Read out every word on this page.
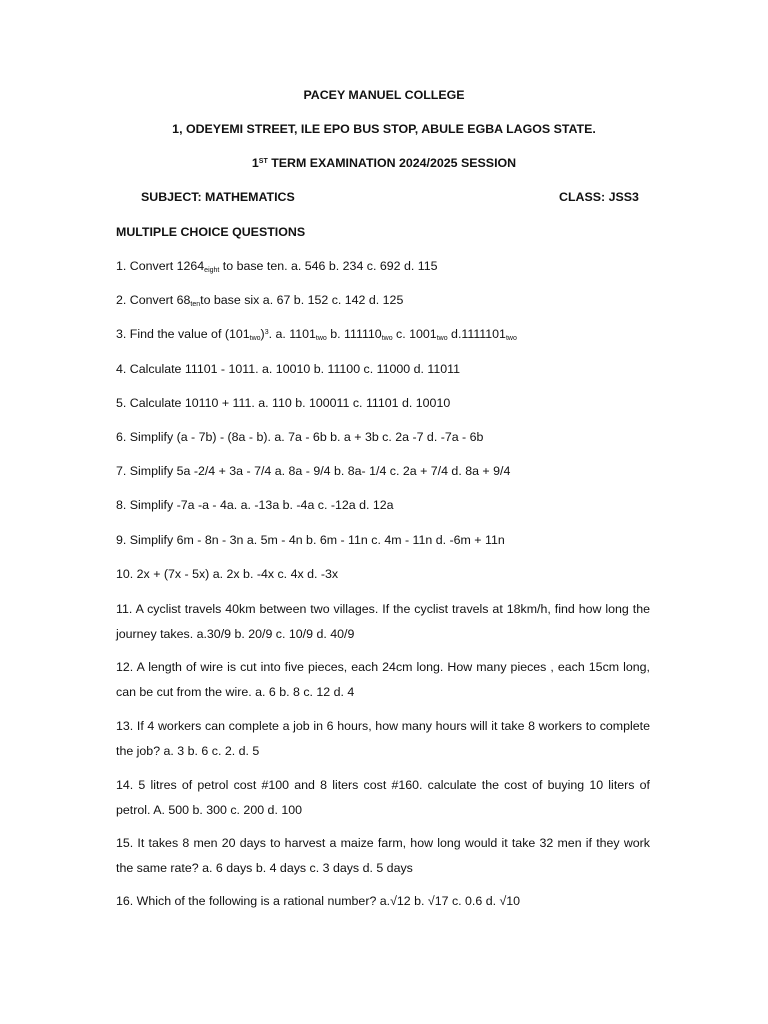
PACEY MANUEL COLLEGE
1, ODEYEMI STREET, ILE EPO BUS STOP, ABULE EGBA LAGOS STATE.
1ST TERM EXAMINATION 2024/2025 SESSION
SUBJECT: MATHEMATICS	CLASS: JSS3
MULTIPLE CHOICE QUESTIONS
1. Convert $1264_{eight}$ to base ten. a. 546 b. 234 c. 692 d. 115
2. Convert $68_{ten}to$ base six a. 67 b. 152 c. 142 d. 125
3. Find the value of $(101_{two})^3$. a. $1101_{two}$ b. $111110_{two}$ c. $1001_{two}$ $d.1111101_{two}$
4. Calculate 11101 - 1011. a. 10010 b. 11100 c. 11000 d. 11011
5. Calculate 10110 + 111. a. 110 b. 100011 c. 11101 d. 10010
6. Simplify (a - 7b) - (8a - b). a. 7a - 6b b. a + 3b c. 2a -7 d. -7a - 6b
7. Simplify 5a -2/4 + 3a - 7/4 a. 8a - 9/4 b. 8a- 1/4 c. 2a + 7/4 d. 8a + 9/4
8. Simplify -7a -a - 4a. a. -13a b. -4a c. -12a d. 12a
9. Simplify 6m - 8n - 3n a. 5m - 4n b. 6m - 11n c. 4m - 11n d. -6m + 11n
10. 2x + (7x - 5x) a. 2x b. -4x c. 4x d. -3x
11. A cyclist travels 40km between two villages. If the cyclist travels at 18km/h, find how long the journey takes. a.30/9 b. 20/9 c. 10/9 d. 40/9
12. A length of wire is cut into five pieces, each 24cm long. How many pieces , each 15cm long, can be cut from the wire. a. 6 b. 8 c. 12 d. 4
13. If 4 workers can complete a job in 6 hours, how many hours will it take 8 workers to complete the job? a. 3 b. 6 c. 2. d. 5
14. 5 litres of petrol cost #100 and 8 liters cost #160. calculate the cost of buying 10 liters of petrol. A. 500 b. 300 c. 200 d. 100
15. It takes 8 men 20 days to harvest a maize farm, how long would it take 32 men if they work the same rate? a. 6 days b. 4 days c. 3 days d. 5 days
16. Which of the following is a rational number? a.√12 b. √17 c. 0.6 d. √10
